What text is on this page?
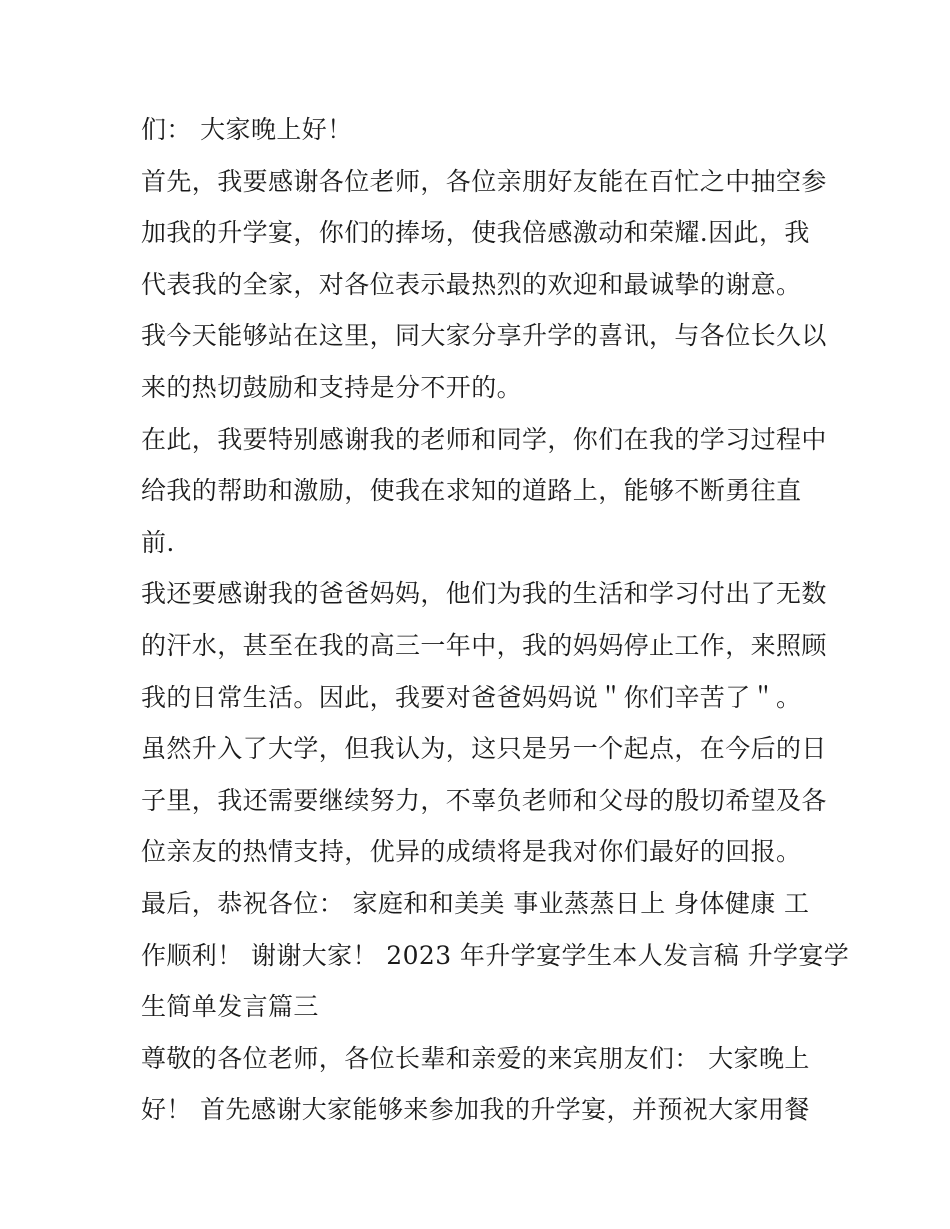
们： 大家晚上好！
首先，我要感谢各位老师，各位亲朋好友能在百忙之中抽空参
加我的升学宴，你们的捧场，使我倍感激动和荣耀.因此，我
代表我的全家，对各位表示最热烈的欢迎和最诚挚的谢意。
我今天能够站在这里，同大家分享升学的喜讯，与各位长久以
来的热切鼓励和支持是分不开的。
在此，我要特别感谢我的老师和同学，你们在我的学习过程中
给我的帮助和激励，使我在求知的道路上，能够不断勇往直
前.
我还要感谢我的爸爸妈妈，他们为我的生活和学习付出了无数
的汗水，甚至在我的高三一年中，我的妈妈停止工作，来照顾
我的日常生活。因此，我要对爸爸妈妈说＂你们辛苦了＂。
虽然升入了大学，但我认为，这只是另一个起点，在今后的日
子里，我还需要继续努力，不辜负老师和父母的殷切希望及各
位亲友的热情支持，优异的成绩将是我对你们最好的回报。
最后，恭祝各位： 家庭和和美美 事业蒸蒸日上 身体健康 工
作顺利！ 谢谢大家！ 2023 年升学宴学生本人发言稿 升学宴学
生简单发言篇三
尊敬的各位老师，各位长辈和亲爱的来宾朋友们： 大家晚上
好！ 首先感谢大家能够来参加我的升学宴，并预祝大家用餐
